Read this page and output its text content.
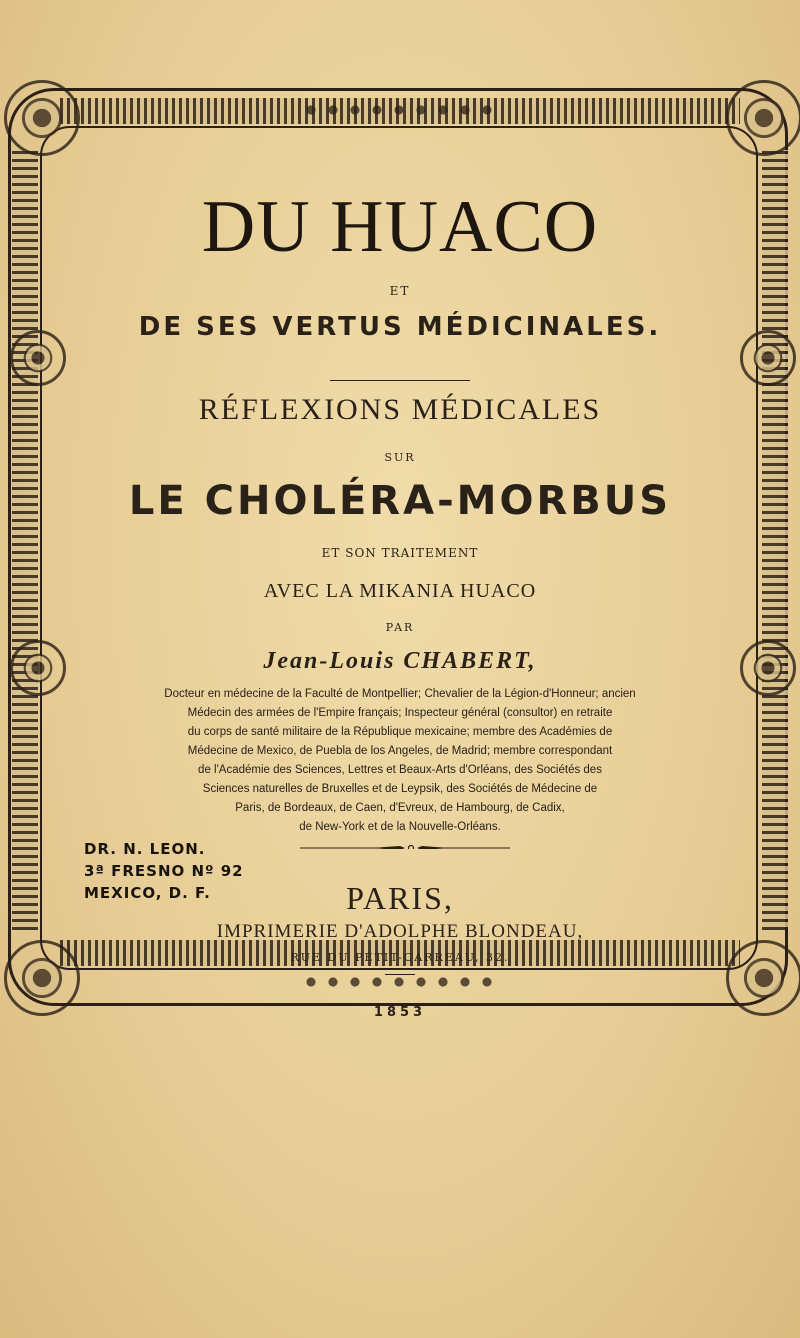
DU HUACO
ET
DE SES VERTUS MÉDICINALES.
RÉFLEXIONS MÉDICALES
SUR
LE CHOLÉRA-MORBUS
ET SON TRAITEMENT
AVEC LA MIKANIA HUACO
PAR
Jean-Louis CHABERT,
Docteur en médecine de la Faculté de Montpellier; Chevalier de la Légion-d'Honneur; ancien
Médecin des armées de l'Empire français; Inspecteur général (consultor) en retraite
du corps de santé militaire de la République mexicaine; membre des Académies de
Médecine de Mexico, de Puebla de los Angeles, de Madrid; membre correspondant
de l'Académie des Sciences, Lettres et Beaux-Arts d'Orléans, des Sociétés des
Sciences naturelles de Bruxelles et de Leypsik, des Sociétés de Médecine de
Paris, de Bordeaux, de Caen, d'Evreux, de Hambourg, de Cadix,
de New-York et de la Nouvelle-Orléans.
DR. N. LEON.
3ª FRESNO Nº 92
MEXICO, D. F.	PARIS,
IMPRIMERIE D'ADOLPHE BLONDEAU,
RUE DU PETIT-CARREAU, 32.
1853
